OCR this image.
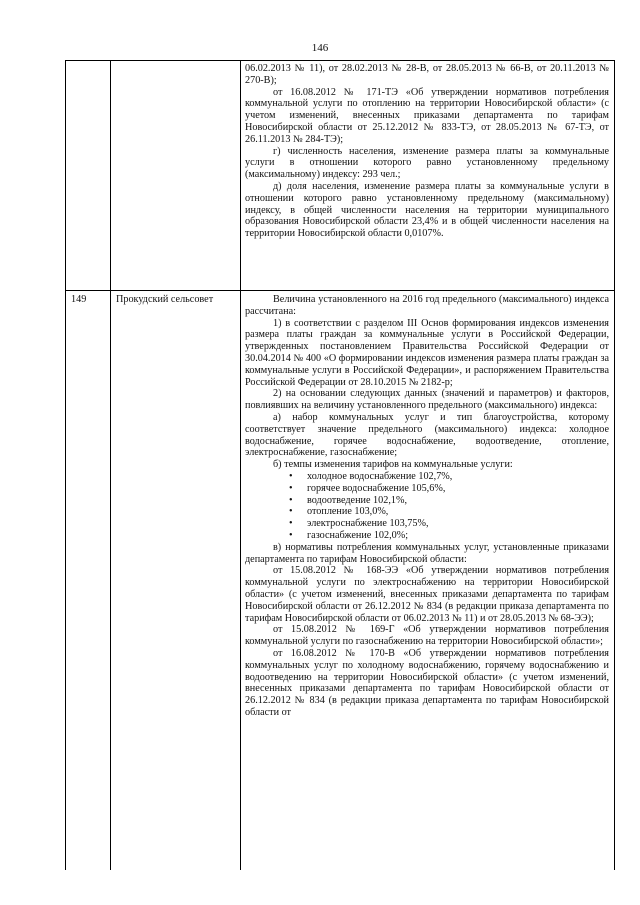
146

06.02.2013 № 11), от 28.02.2013 № 28-В, от 28.05.2013 № 66-В, от 20.11.2013 № 270-В);

от 16.08.2012 № 171-ТЭ «Об утверждении нормативов потребления коммунальной услуги по отоплению на территории Новосибирской области» (с учетом изменений, внесенных приказами департамента по тарифам Новосибирской области от 25.12.2012 № 833-ТЭ, от 28.05.2013 № 67-ТЭ, от 26.11.2013 № 284-ТЭ);

г) численность населения, изменение размера платы за коммунальные услуги в отношении которого равно установленному предельному (максимальному) индексу: 293 чел.;

д) доля населения, изменение размера платы за коммунальные услуги в отношении которого равно установленному предельному (максимальному) индексу, в общей численности населения на территории муниципального образования Новосибирской области 23,4% и в общей численности населения на территории Новосибирской области 0,0107%.

149	Прокудский сельсовет	Величина установленного на 2016 год предельного (максимального) индекса рассчитана:

1) в соответствии с разделом III Основ формирования индексов изменения размера платы граждан за коммунальные услуги в Российской Федерации, утвержденных постановлением Правительства Российской Федерации от 30.04.2014 № 400 «О формировании индексов изменения размера платы граждан за коммунальные услуги в Российской Федерации», и распоряжением Правительства Российской Федерации от 28.10.2015 № 2182-р;

2) на основании следующих данных (значений и параметров) и факторов, повлиявших на величину установленного предельного (максимального) индекса:

а) набор коммунальных услуг и тип благоустройства, которому соответствует значение предельного (максимального) индекса: холодное водоснабжение, горячее водоснабжение, водоотведение, отопление, электроснабжение, газоснабжение;

б) темпы изменения тарифов на коммунальные услуги:

• холодное водоснабжение 102,7%,
• горячее водоснабжение 105,6%,
• водоотведение 102,1%,
• отопление 103,0%,
• электроснабжение 103,75%,
• газоснабжение 102,0%;

в) нормативы потребления коммунальных услуг, установленные приказами департамента по тарифам Новосибирской области:

от 15.08.2012 № 168-ЭЭ «Об утверждении нормативов потребления коммунальной услуги по электроснабжению на территории Новосибирской области» (с учетом изменений, внесенных приказами департамента по тарифам Новосибирской области от 26.12.2012 № 834 (в редакции приказа департамента по тарифам Новосибирской области от 06.02.2013 № 11) и от 28.05.2013 № 68-ЭЭ);

от 15.08.2012 № 169-Г «Об утверждении нормативов потребления коммунальной услуги по газоснабжению на территории Новосибирской области»;

от 16.08.2012 № 170-В «Об утверждении нормативов потребления коммунальных услуг по холодному водоснабжению, горячему водоснабжению и водоотведению на территории Новосибирской области» (с учетом изменений, внесенных приказами департамента по тарифам Новосибирской области от 26.12.2012 № 834 (в редакции приказа департамента по тарифам Новосибирской области от
